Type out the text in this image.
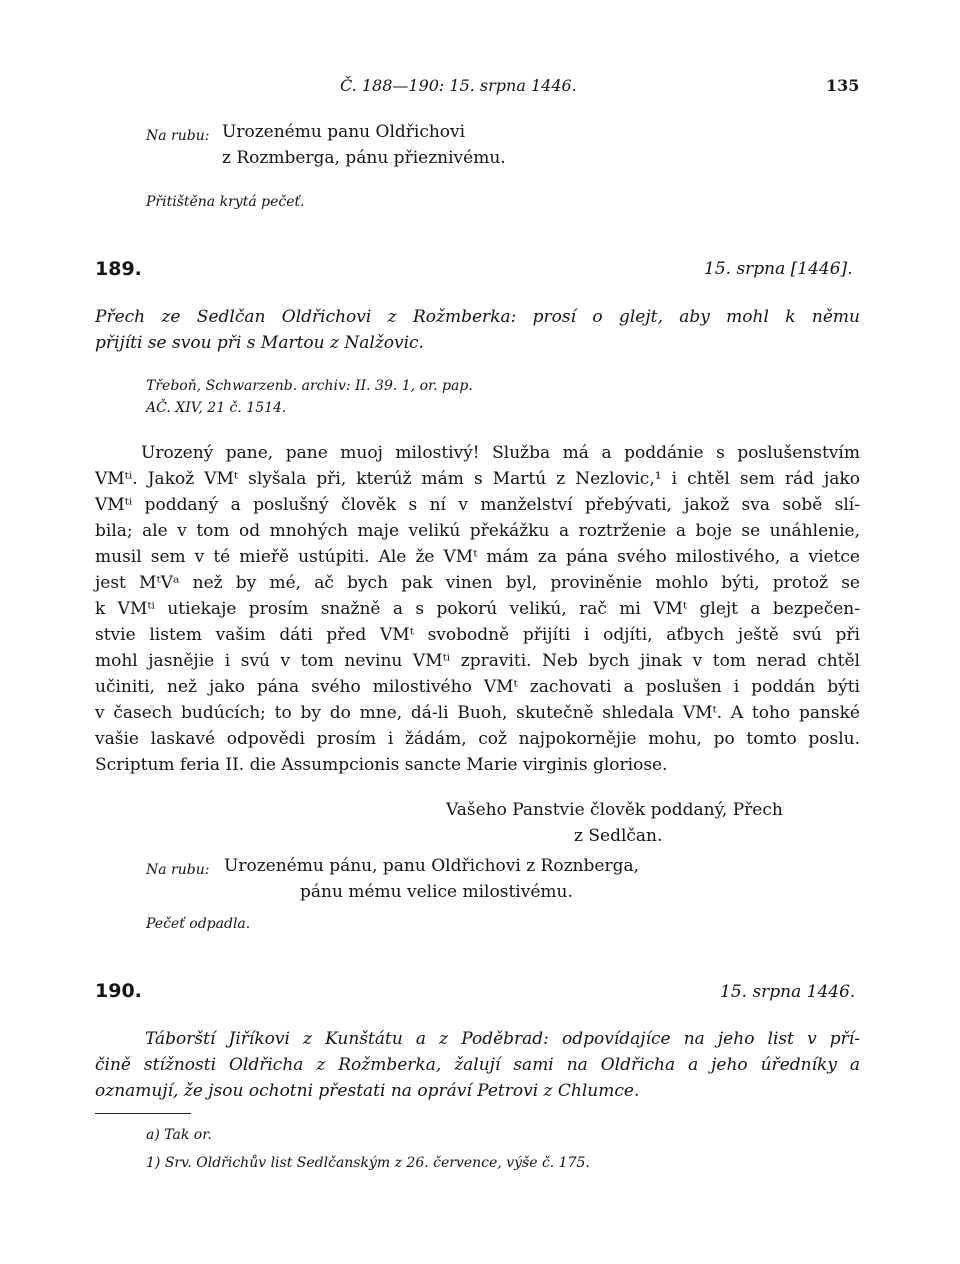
Č. 188—190: 15. srpna 1446.	135
Na rubu: Urozenému panu Oldřichovi
z Rozmberga, pánu přieznivému.
Přitištěna krytá pečeť.
189.	15. srpna [1446].
Přech ze Sedlčan Oldřichovi z Rožmberka: prosí o glejt, aby mohl k němu
přijíti se svou při s Martou z Nalžovic.
Třeboň, Schwarzenb. archiv: II. 39. 1, or. pap.
AČ. XIV, 21 č. 1514.
Urozený pane, pane muoj milostivý! Služba má a poddánie s poslušenstvím
VMᵗⁱ. Jakož VMᵗ slyšala při, kterúž mám s Martú z Nezlovic,¹ i chtěl sem rád jako
VMᵗⁱ poddaný a poslušný člověk s ní v manželství přebývati, jakož sva sobě slí-
bila; ale v tom od mnohých maje velikú překážku a roztrženie a boje se unáhlenie,
musil sem v té mieřě ustúpiti. Ale že VMᵗ mám za pána svého milostivého, a vietce
jest MᵗVᵃ než by mé, ač bych pak vinen byl, proviněnie mohlo býti, protož se
k VMᵗⁱ utiekaje prosím snažně a s pokorú velikú, rač mi VMᵗ glejt a bezpečen-
stvie listem vašim dáti před VMᵗ svobodně přijíti i odjíti, aťbych ještě svú při
mohl jasnějie i svú v tom nevinu VMᵗⁱ zpraviti. Neb bych jinak v tom nerad chtěl
učiniti, než jako pána svého milostivého VMᵗ zachovati a poslušen i poddán býti
v časech budúcích; to by do mne, dá-li Buoh, skutečně shledala VMᵗ. A toho panské
vašie laskavé odpovědi prosím i žádám, což najpokornějie mohu, po tomto poslu.
Scriptum feria II. die Assumpcionis sancte Marie virginis gloriose.
Vašeho Panstvie člověk poddaný, Přech
z Sedlčan.
Na rubu: Urozenému pánu, panu Oldřichovi z Roznberga,
pánu mému velice milostivému.
Pečeť odpadla.
190.	15. srpna 1446.
Táborští Jiříkovi z Kunštátu a z Poděbrad: odpovídajíce na jeho list v pří-
čině stížnosti Oldřicha z Rožmberka, žalují sami na Oldřicha a jeho úředníky a
oznamují, že jsou ochotni přestati na opráví Petrovi z Chlumce.
a) Tak or.
1) Srv. Oldřichův list Sedlčanským z 26. července, výše č. 175.
